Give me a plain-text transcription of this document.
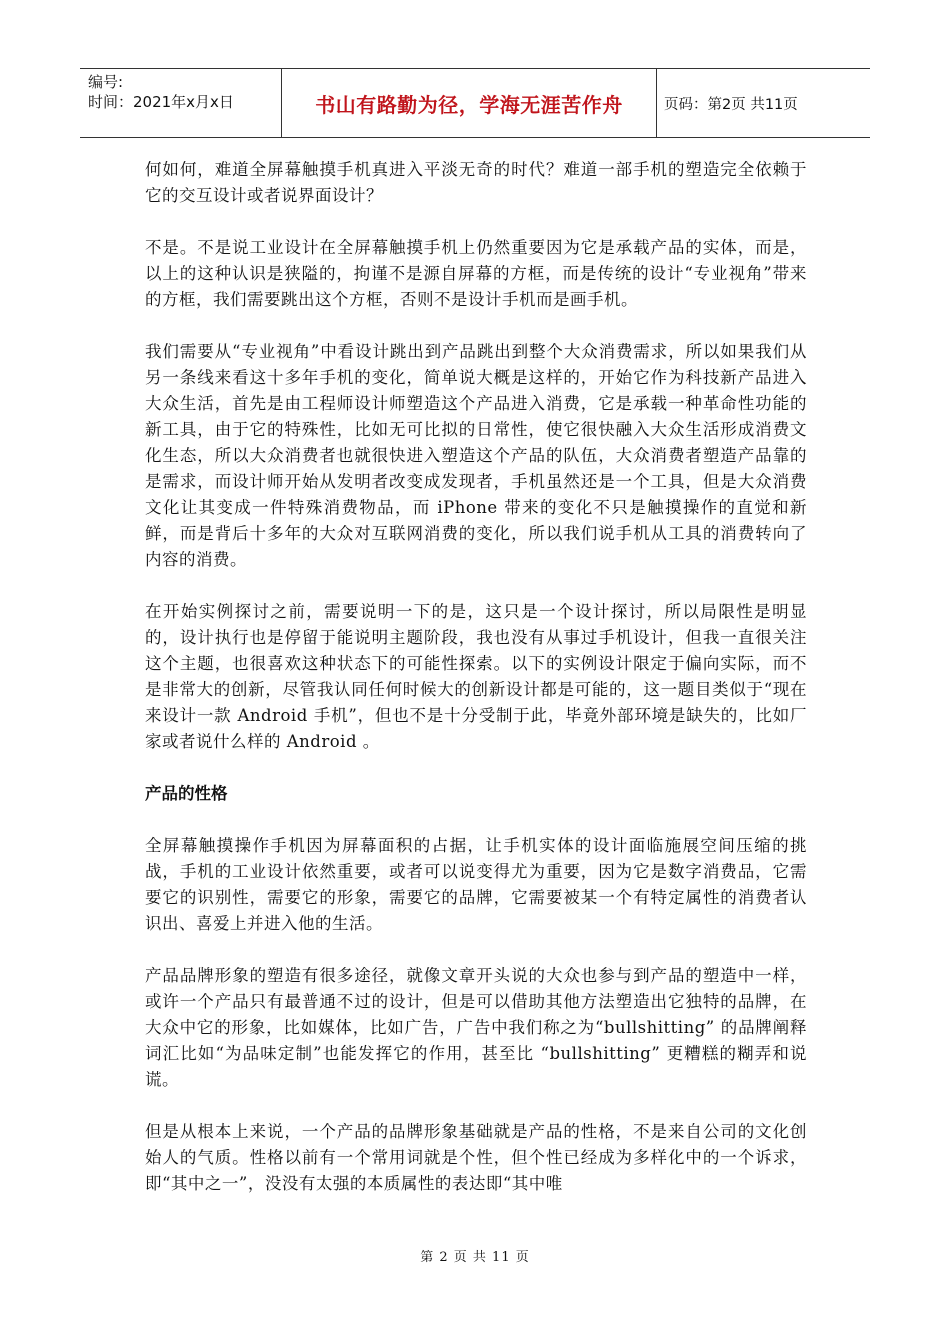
编号:
时间：2021年x月x日	书山有路勤为径，学海无涯苦作舟	页码：第2页 共11页

何如何，难道全屏幕触摸手机真进入平淡无奇的时代？难道一部手机的塑造完全依赖于它的交互设计或者说界面设计？

不是。不是说工业设计在全屏幕触摸手机上仍然重要因为它是承载产品的实体，而是，以上的这种认识是狭隘的，拘谨不是源自屏幕的方框，而是传统的设计“专业视角”带来的方框，我们需要跳出这个方框，否则不是设计手机而是画手机。

我们需要从“专业视角”中看设计跳出到产品跳出到整个大众消费需求，所以如果我们从另一条线来看这十多年手机的变化，简单说大概是这样的，开始它作为科技新产品进入大众生活，首先是由工程师设计师塑造这个产品进入消费，它是承载一种革命性功能的新工具，由于它的特殊性，比如无可比拟的日常性，使它很快融入大众生活形成消费文化生态，所以大众消费者也就很快进入塑造这个产品的队伍，大众消费者塑造产品靠的是需求，而设计师开始从发明者改变成发现者，手机虽然还是一个工具，但是大众消费文化让其变成一件特殊消费物品，而 iPhone 带来的变化不只是触摸操作的直觉和新鲜，而是背后十多年的大众对互联网消费的变化，所以我们说手机从工具的消费转向了内容的消费。

在开始实例探讨之前，需要说明一下的是，这只是一个设计探讨，所以局限性是明显的，设计执行也是停留于能说明主题阶段，我也没有从事过手机设计，但我一直很关注这个主题，也很喜欢这种状态下的可能性探索。以下的实例设计限定于偏向实际，而不是非常大的创新，尽管我认同任何时候大的创新设计都是可能的，这一题目类似于“现在来设计一款 Android 手机”，但也不是十分受制于此，毕竟外部环境是缺失的，比如厂家或者说什么样的 Android 。

产品的性格

全屏幕触摸操作手机因为屏幕面积的占据，让手机实体的设计面临施展空间压缩的挑战，手机的工业设计依然重要，或者可以说变得尤为重要，因为它是数字消费品，它需要它的识别性，需要它的形象，需要它的品牌，它需要被某一个有特定属性的消费者认识出、喜爱上并进入他的生活。

产品品牌形象的塑造有很多途径，就像文章开头说的大众也参与到产品的塑造中一样，或许一个产品只有最普通不过的设计，但是可以借助其他方法塑造出它独特的品牌，在大众中它的形象，比如媒体，比如广告，广告中我们称之为“bullshitting” 的品牌阐释词汇比如“为品味定制”也能发挥它的作用，甚至比 “bullshitting” 更糟糕的糊弄和说谎。

但是从根本上来说，一个产品的品牌形象基础就是产品的性格，不是来自公司的文化创始人的气质。性格以前有一个常用词就是个性，但个性已经成为多样化中的一个诉求，即“其中之一”，没没有太强的本质属性的表达即“其中唯

第 2 页 共 11 页
